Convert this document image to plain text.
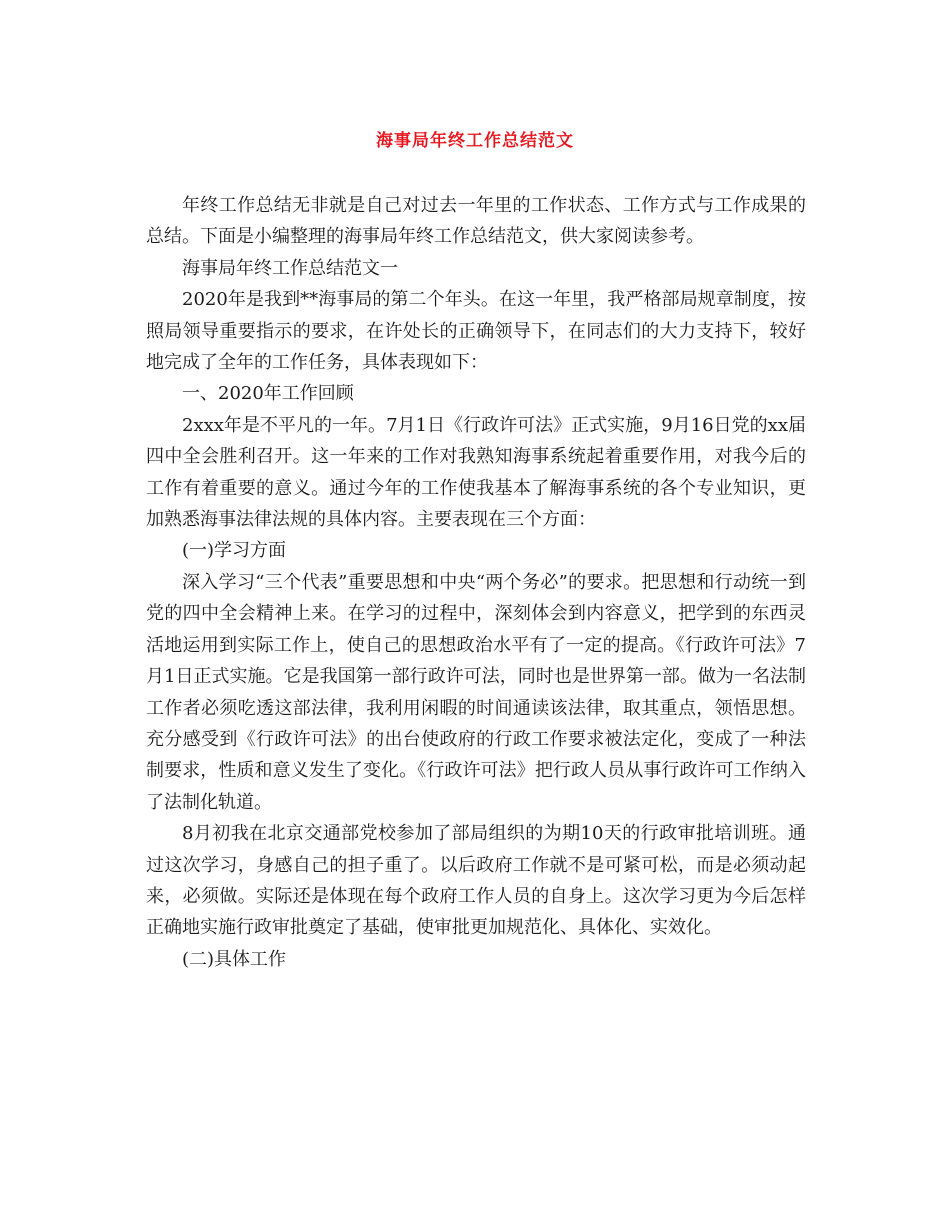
海事局年终工作总结范文

年终工作总结无非就是自己对过去一年里的工作状态、工作方式与工作成果的总结。下面是小编整理的海事局年终工作总结范文，供大家阅读参考。

海事局年终工作总结范文一

2020年是我到**海事局的第二个年头。在这一年里，我严格部局规章制度，按照局领导重要指示的要求，在许处长的正确领导下，在同志们的大力支持下，较好地完成了全年的工作任务，具体表现如下：

一、2020年工作回顾

2xxx年是不平凡的一年。7月1日《行政许可法》正式实施，9月16日党的xx届四中全会胜利召开。这一年来的工作对我熟知海事系统起着重要作用，对我今后的工作有着重要的意义。通过今年的工作使我基本了解海事系统的各个专业知识，更加熟悉海事法律法规的具体内容。主要表现在三个方面：

(一)学习方面

深入学习“三个代表”重要思想和中央“两个务必”的要求。把思想和行动统一到党的四中全会精神上来。在学习的过程中，深刻体会到内容意义，把学到的东西灵活地运用到实际工作上，使自己的思想政治水平有了一定的提高。《行政许可法》7月1日正式实施。它是我国第一部行政许可法，同时也是世界第一部。做为一名法制工作者必须吃透这部法律，我利用闲暇的时间通读该法律，取其重点，领悟思想。充分感受到《行政许可法》的出台使政府的行政工作要求被法定化，变成了一种法制要求，性质和意义发生了变化。《行政许可法》把行政人员从事行政许可工作纳入了法制化轨道。

8月初我在北京交通部党校参加了部局组织的为期10天的行政审批培训班。通过这次学习，身感自己的担子重了。以后政府工作就不是可紧可松，而是必须动起来，必须做。实际还是体现在每个政府工作人员的自身上。这次学习更为今后怎样正确地实施行政审批奠定了基础，使审批更加规范化、具体化、实效化。

(二)具体工作
